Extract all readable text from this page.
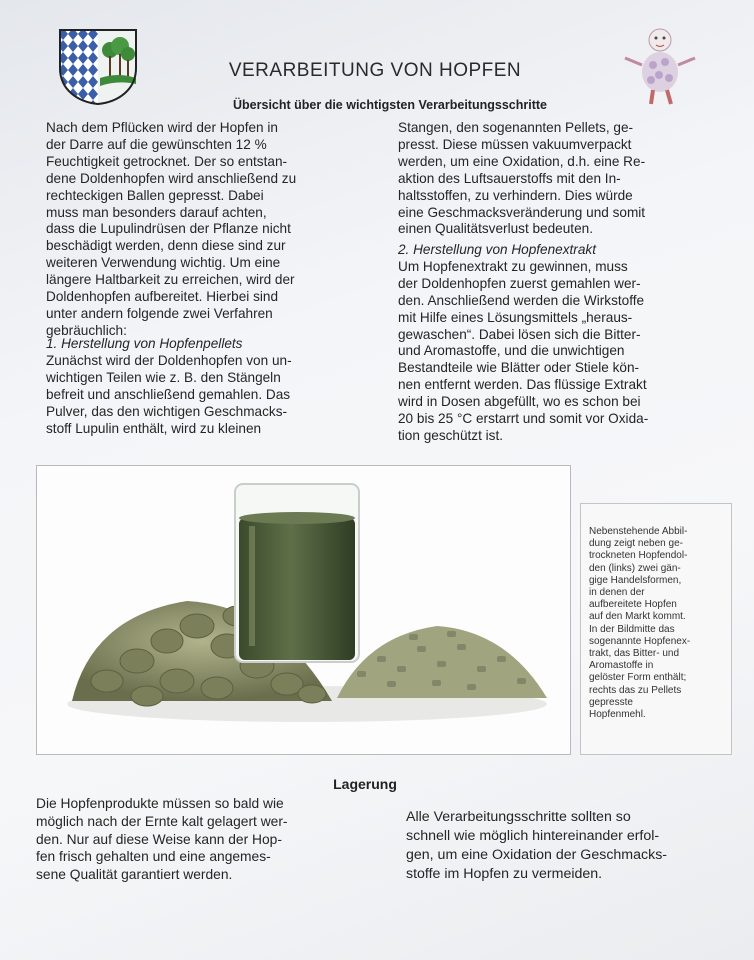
VERARBEITUNG VON HOPFEN
Übersicht über die wichtigsten Verarbeitungsschritte

Nach dem Pflücken wird der Hopfen in

der Darre auf die gewünschten 12 %

Feuchtigkeit getrocknet. Der so entstan-

dene Doldenhopfen wird anschließend zu

rechteckigen Ballen gepresst. Dabei

muss man besonders darauf achten,

dass die Lupulindrüsen der Pflanze nicht

beschädigt werden, denn diese sind zur

weiteren Verwendung wichtig. Um eine

längere Haltbarkeit zu erreichen, wird der

Doldenhopfen aufbereitet. Hierbei sind

unter andern folgende zwei Verfahren

gebräuchlich:

1. Herstellung von Hopfenpellets

Zunächst wird der Doldenhopfen von un-

wichtigen Teilen wie z. B. den Stängeln

befreit und anschließend gemahlen. Das

Pulver, das den wichtigen Geschmacks-

stoff Lupulin enthält, wird zu kleinen

Stangen, den sogenannten Pellets, ge-

presst. Diese müssen vakuumverpackt

werden, um eine Oxidation, d.h. eine Re-

aktion des Luftsauerstoffs mit den In-

haltsstoffen, zu verhindern. Dies würde

eine Geschmacksveränderung und somit

einen Qualitätsverlust bedeuten.

2. Herstellung von Hopfenextrakt

Um Hopfenextrakt zu gewinnen, muss

der Doldenhopfen zuerst gemahlen wer-

den. Anschließend werden die Wirkstoffe

mit Hilfe eines Lösungsmittels „heraus-

gewaschen“. Dabei lösen sich die Bitter-

und Aromastoffe, und die unwichtigen

Bestandteile wie Blätter oder Stiele kön-

nen entfernt werden. Das flüssige Extrakt

wird in Dosen abgefüllt, wo es schon bei

20 bis 25 °C erstarrt und somit vor Oxida-

tion geschützt ist.

Nebenstehende Abbil-
dung zeigt neben ge-
trockneten Hopfendol-
den (links) zwei gän-
gige Handelsformen,
in denen der
aufbereitete Hopfen
auf den Markt kommt.
In der Bildmitte das
sogenannte Hopfenex-
trakt, das Bitter- und
Aromastoffe in
gelöster Form enthält;
rechts das zu Pellets
gepresste
Hopfenmehl.
Lagerung

Die Hopfenprodukte müssen so bald wie

möglich nach der Ernte kalt gelagert wer-

den. Nur auf diese Weise kann der Hop-

fen frisch gehalten und eine angemes-

sene Qualität garantiert werden.

Alle Verarbeitungsschritte sollten so

schnell wie möglich hintereinander erfol-

gen, um eine Oxidation der Geschmacks-

stoffe im Hopfen zu vermeiden.
